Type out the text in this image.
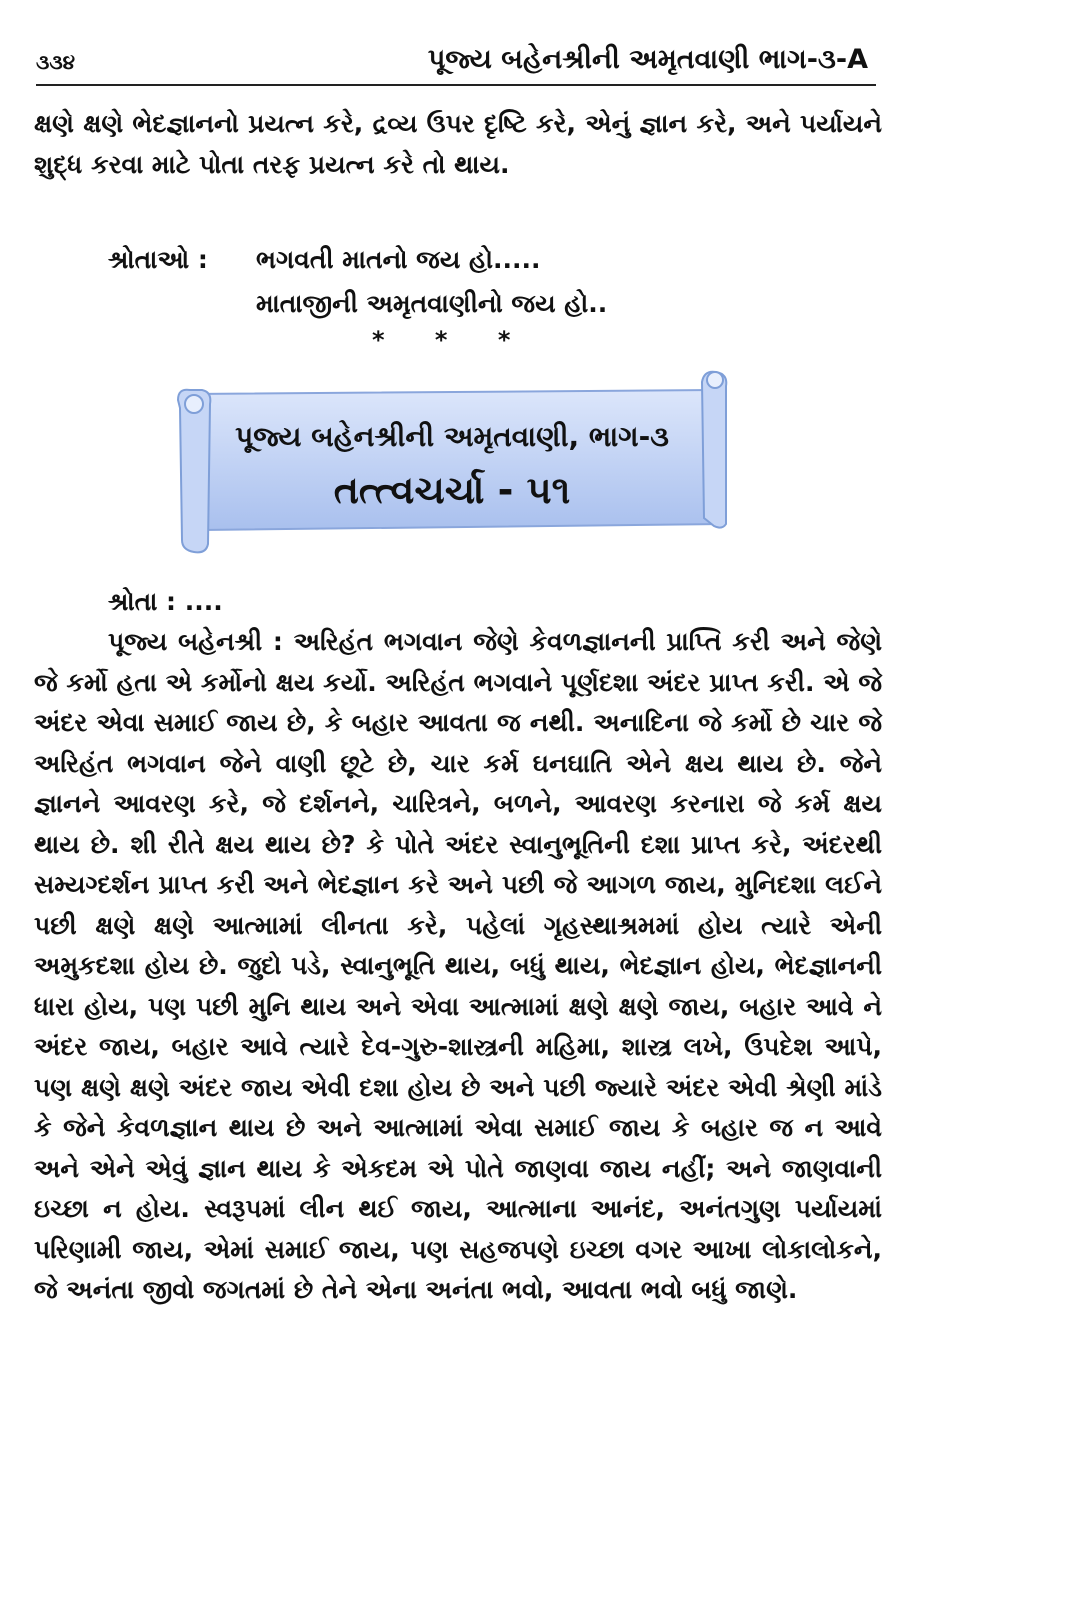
૩૩૪	પૂજ્ય બહેનશ્રીની અમૃતવાણી ભાગ-૩-A

ક્ષણે ક્ષણે ભેદજ્ઞાનનો પ્રયત્ન કરે, દ્રવ્ય ઉપર દૃષ્ટિ કરે, એનું જ્ઞાન કરે, અને પર્યાયને શુદ્ધ કરવા માટે પોતા તરફ પ્રયત્ન કરે તો થાય.

શ્રોતાઓ : ભગવતી માતનો જય હો.....
માતાજીની અમૃતવાણીનો જય હો..
* * *
પૂજ્ય બહેનશ્રીની અમૃતવાણી, ભાગ-૩
તત્ત્વચર્ચા - ૫૧
શ્રોતા : ....

પૂજ્ય બહેનશ્રી : અરિહંત ભગવાન જેણે કેવળજ્ઞાનની પ્રાપ્તિ કરી અને જેણે જે કર્મો હતા એ કર્મોનો ક્ષય કર્યો. અરિહંત ભગવાને પૂર્ણદશા અંદર પ્રાપ્ત કરી. એ જે અંદર એવા સમાઈ જાય છે, કે બહાર આવતા જ નથી. અનાદિના જે કર્મો છે ચાર જે અરિહંત ભગવાન જેને વાણી છૂટે છે, ચાર કર્મ ઘનઘાતિ એને ક્ષય થાય છે. જેને જ્ઞાનને આવરણ કરે, જે દર્શનને, ચારિત્રને, બળને, આવરણ કરનારા જે કર્મ ક્ષય થાય છે. શી રીતે ક્ષય થાય છે? કે પોતે અંદર સ્વાનુભૂતિની દશા પ્રાપ્ત કરે, અંદરથી સમ્યગ્દર્શન પ્રાપ્ત કરી અને ભેદજ્ઞાન કરે અને પછી જે આગળ જાય, મુનિદશા લઈને પછી ક્ષણે ક્ષણે આત્મામાં લીનતા કરે, પહેલાં ગૃહસ્થાશ્રમમાં હોય ત્યારે એની અમુકદશા હોય છે. જુદો પડે, સ્વાનુભૂતિ થાય, બધું થાય, ભેદજ્ઞાન હોય, ભેદજ્ઞાનની ધારા હોય, પણ પછી મુનિ થાય અને એવા આત્મામાં ક્ષણે ક્ષણે જાય, બહાર આવે ને અંદર જાય, બહાર આવે ત્યારે દેવ-ગુરુ-શાસ્ત્રની મહિમા, શાસ્ત્ર લખે, ઉપદેશ આપે, પણ ક્ષણે ક્ષણે અંદર જાય એવી દશા હોય છે અને પછી જ્યારે અંદર એવી શ્રેણી માંડે કે જેને કેવળજ્ઞાન થાય છે અને આત્મામાં એવા સમાઈ જાય કે બહાર જ ન આવે અને એને એવું જ્ઞાન થાય કે એકદમ એ પોતે જાણવા જાય નહીં; અને જાણવાની ઇચ્છા ન હોય. સ્વરૂપમાં લીન થઈ જાય, આત્માના આનંદ, અનંતગુણ પર્યાયમાં પરિણામી જાય, એમાં સમાઈ જાય, પણ સહજપણે ઇચ્છા વગર આખા લોકાલોકને, જે અનંતા જીવો જગતમાં છે તેને એના અનંતા ભવો, આવતા ભવો બધું જાણે.
